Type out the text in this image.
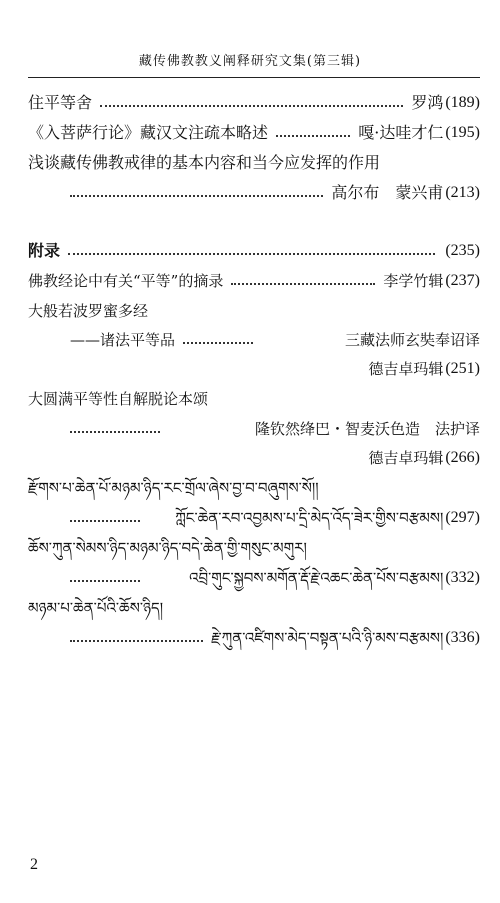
藏传佛教教义阐释研究文集(第三辑)
住平等舍	罗鸿 (189)
《入菩萨行论》藏汉文注疏本略述	嘎·达哇才仁 (195)
浅谈藏传佛教戒律的基本内容和当今应发挥的作用
高尔布　蒙兴甫 (213)
附录	(235)
佛教经论中有关“平等”的摘录	李学竹辑 (237)
大般若波罗蜜多经
——诸法平等品	三藏法师玄奘奉诏译
德吉卓玛辑 (251)
大圆满平等性自解脱论本颂
隆钦然绛巴・智麦沃色造　法护译
德吉卓玛辑 (266)
རྫོགས་པ་ཆེན་པོ་མཉམ་ཉིད་རང་གྲོལ་ཞེས་བྱ་བ་བཞུགས་སོ།།
ཀློང་ཆེན་རབ་འབྱམས་པ་དྲི་མེད་འོད་ཟེར་གྱིས་བརྩམས། (297)
ཆོས་ཀུན་སེམས་ཉིད་མཉམ་ཉིད་བདེ་ཆེན་གྱི་གསུང་མགུར།
འབྲི་གུང་སྐྱབས་མགོན་རྡོ་རྗེ་འཆང་ཆེན་པོས་བརྩམས། (332)
མཉམ་པ་ཆེན་པོའི་ཆོས་ཉིད།
རྗེ་ཀུན་འཛིགས་མེད་བསྟན་པའི་ཉི་མས་བརྩམས། (336)
2
